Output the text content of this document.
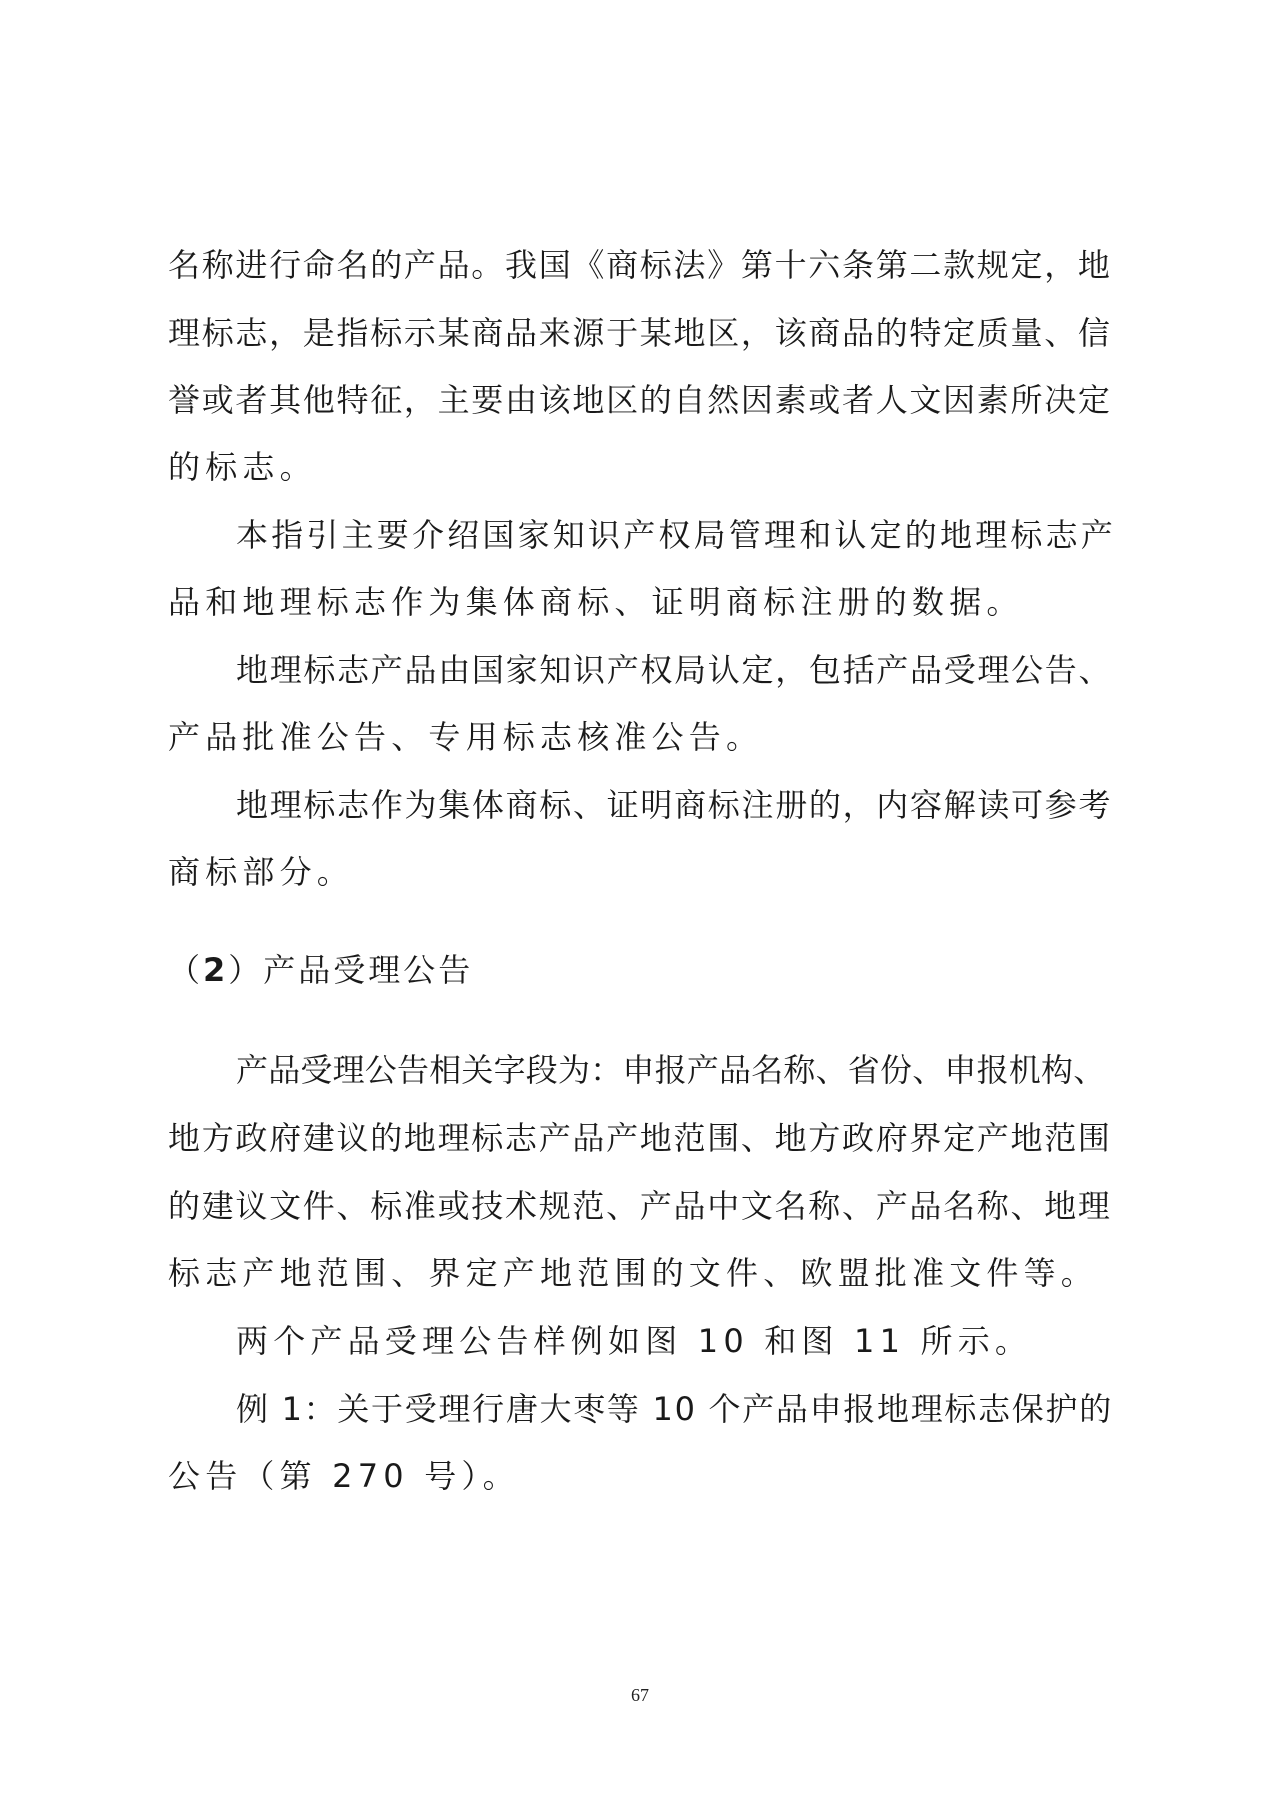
名称进行命名的产品。我国《商标法》第十六条第二款规定，地
理标志，是指标示某商品来源于某地区，该商品的特定质量、信
誉或者其他特征，主要由该地区的自然因素或者人文因素所决定
的标志。
本指引主要介绍国家知识产权局管理和认定的地理标志产
品和地理标志作为集体商标、证明商标注册的数据。
地理标志产品由国家知识产权局认定，包括产品受理公告、
产品批准公告、专用标志核准公告。
地理标志作为集体商标、证明商标注册的，内容解读可参考
商标部分。
（2）产品受理公告
产品受理公告相关字段为：申报产品名称、省份、申报机构、
地方政府建议的地理标志产品产地范围、地方政府界定产地范围
的建议文件、标准或技术规范、产品中文名称、产品名称、地理
标志产地范围、界定产地范围的文件、欧盟批准文件等。
两个产品受理公告样例如图 10 和图 11 所示。
例 1：关于受理行唐大枣等 10 个产品申报地理标志保护的
公告（第 270 号）。
67
